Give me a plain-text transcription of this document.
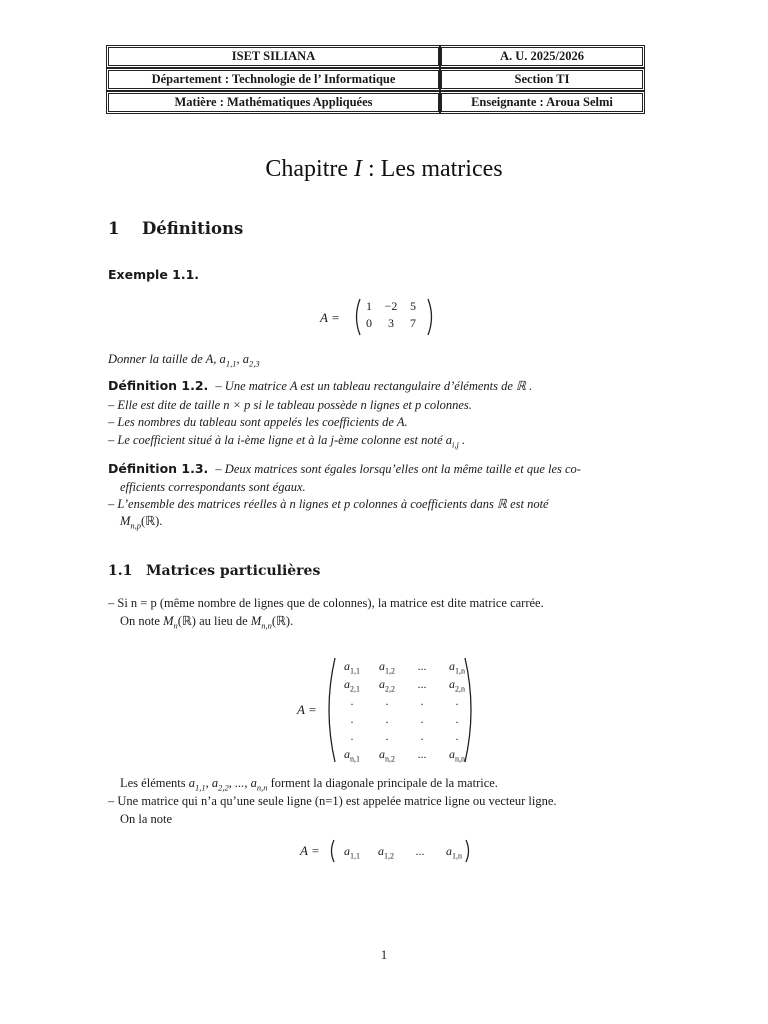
ISET SILIANA	A. U. 2025/2026
Département : Technologie de l’ Informatique	Section TI
Matière : Mathématiques Appliquées	Enseignante : Aroua Selmi
Chapitre I : Les matrices
1 Définitions
Exemple 1.1.
A =
1	−2	5
0	3	7
Donner la taille de A, $a_{1,1}$, $a_{2,3}$
Définition 1.2. – Une matrice A est un tableau rectangulaire d’éléments de ℝ .
– Elle est dite de taille n × p si le tableau possède n lignes et p colonnes.
– Les nombres du tableau sont appelés les coefficients de A.
– Le coefficient situé à la i-ème ligne et à la j-ème colonne est noté $a_{i,j}$ .
Définition 1.3. – Deux matrices sont égales lorsqu’elles ont la même taille et que les co-
efficients correspondants sont égaux.
– L’ensemble des matrices réelles à n lignes et p colonnes à coefficients dans ℝ est noté
$M_{n,p}(ℝ)$.
1.1 Matrices particulières
– Si n = p (même nombre de lignes que de colonnes), la matrice est dite matrice carrée.
On note $M_n(ℝ)$ au lieu de $M_{n,n}(ℝ)$.
A =
$a_{1,1}$	$a_{1,2}$	...	$a_{1,n}$
$a_{2,1}$	$a_{2,2}$	...	$a_{2,n}$
.	.	.	.
.	.	.	.
.	.	.	.
$a_{n,1}$	$a_{n,2}$	...	$a_{n,n}$
Les éléments $a_{1,1}$, $a_{2,2}$, ..., $a_{n,n}$ forment la diagonale principale de la matrice.
– Une matrice qui n’a qu’une seule ligne (n=1) est appelée matrice ligne ou vecteur ligne.
On la note
A =	$a_{1,1}$	$a_{1,2}$	...	$a_{1,n}$
1
